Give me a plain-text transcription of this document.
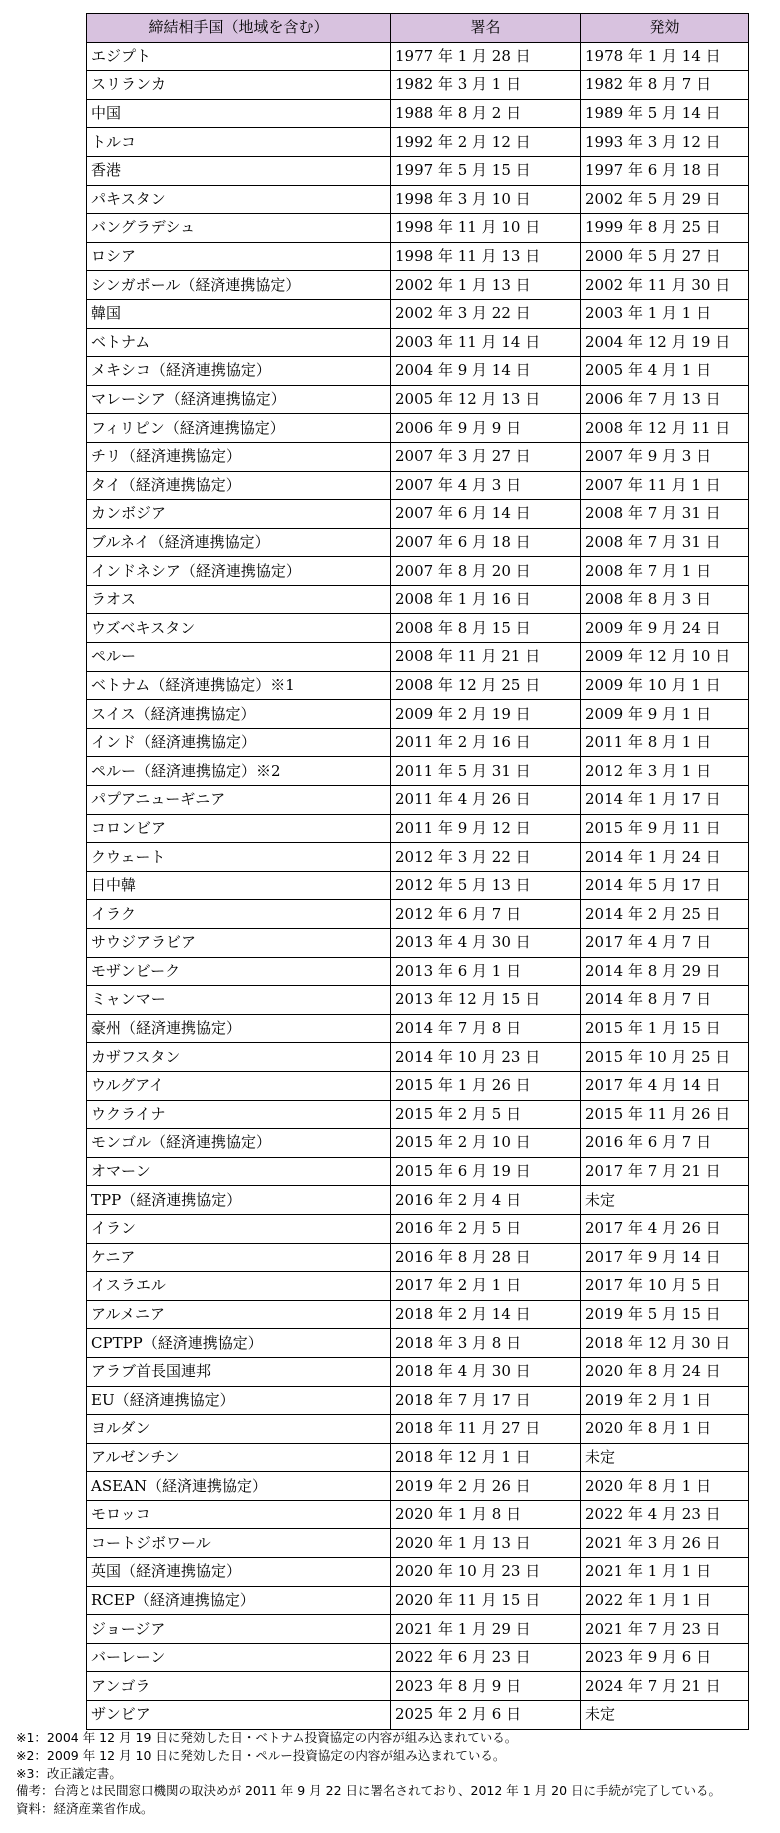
締結相手国（地域を含む）	署名	発効
エジプト	1977 年 1 月 28 日	1978 年 1 月 14 日
スリランカ	1982 年 3 月 1 日	1982 年 8 月 7 日
中国	1988 年 8 月 2 日	1989 年 5 月 14 日
トルコ	1992 年 2 月 12 日	1993 年 3 月 12 日
香港	1997 年 5 月 15 日	1997 年 6 月 18 日
パキスタン	1998 年 3 月 10 日	2002 年 5 月 29 日
バングラデシュ	1998 年 11 月 10 日	1999 年 8 月 25 日
ロシア	1998 年 11 月 13 日	2000 年 5 月 27 日
シンガポール（経済連携協定）	2002 年 1 月 13 日	2002 年 11 月 30 日
韓国	2002 年 3 月 22 日	2003 年 1 月 1 日
ベトナム	2003 年 11 月 14 日	2004 年 12 月 19 日
メキシコ（経済連携協定）	2004 年 9 月 14 日	2005 年 4 月 1 日
マレーシア（経済連携協定）	2005 年 12 月 13 日	2006 年 7 月 13 日
フィリピン（経済連携協定）	2006 年 9 月 9 日	2008 年 12 月 11 日
チリ（経済連携協定）	2007 年 3 月 27 日	2007 年 9 月 3 日
タイ（経済連携協定）	2007 年 4 月 3 日	2007 年 11 月 1 日
カンボジア	2007 年 6 月 14 日	2008 年 7 月 31 日
ブルネイ（経済連携協定）	2007 年 6 月 18 日	2008 年 7 月 31 日
インドネシア（経済連携協定）	2007 年 8 月 20 日	2008 年 7 月 1 日
ラオス	2008 年 1 月 16 日	2008 年 8 月 3 日
ウズベキスタン	2008 年 8 月 15 日	2009 年 9 月 24 日
ペルー	2008 年 11 月 21 日	2009 年 12 月 10 日
ベトナム（経済連携協定）※1	2008 年 12 月 25 日	2009 年 10 月 1 日
スイス（経済連携協定）	2009 年 2 月 19 日	2009 年 9 月 1 日
インド（経済連携協定）	2011 年 2 月 16 日	2011 年 8 月 1 日
ペルー（経済連携協定）※2	2011 年 5 月 31 日	2012 年 3 月 1 日
パプアニューギニア	2011 年 4 月 26 日	2014 年 1 月 17 日
コロンビア	2011 年 9 月 12 日	2015 年 9 月 11 日
クウェート	2012 年 3 月 22 日	2014 年 1 月 24 日
日中韓	2012 年 5 月 13 日	2014 年 5 月 17 日
イラク	2012 年 6 月 7 日	2014 年 2 月 25 日
サウジアラビア	2013 年 4 月 30 日	2017 年 4 月 7 日
モザンビーク	2013 年 6 月 1 日	2014 年 8 月 29 日
ミャンマー	2013 年 12 月 15 日	2014 年 8 月 7 日
豪州（経済連携協定）	2014 年 7 月 8 日	2015 年 1 月 15 日
カザフスタン	2014 年 10 月 23 日	2015 年 10 月 25 日
ウルグアイ	2015 年 1 月 26 日	2017 年 4 月 14 日
ウクライナ	2015 年 2 月 5 日	2015 年 11 月 26 日
モンゴル（経済連携協定）	2015 年 2 月 10 日	2016 年 6 月 7 日
オマーン	2015 年 6 月 19 日	2017 年 7 月 21 日
TPP（経済連携協定）	2016 年 2 月 4 日	未定
イラン	2016 年 2 月 5 日	2017 年 4 月 26 日
ケニア	2016 年 8 月 28 日	2017 年 9 月 14 日
イスラエル	2017 年 2 月 1 日	2017 年 10 月 5 日
アルメニア	2018 年 2 月 14 日	2019 年 5 月 15 日
CPTPP（経済連携協定）	2018 年 3 月 8 日	2018 年 12 月 30 日
アラブ首長国連邦	2018 年 4 月 30 日	2020 年 8 月 24 日
EU（経済連携協定）	2018 年 7 月 17 日	2019 年 2 月 1 日
ヨルダン	2018 年 11 月 27 日	2020 年 8 月 1 日
アルゼンチン	2018 年 12 月 1 日	未定
ASEAN（経済連携協定）	2019 年 2 月 26 日	2020 年 8 月 1 日
モロッコ	2020 年 1 月 8 日	2022 年 4 月 23 日
コートジボワール	2020 年 1 月 13 日	2021 年 3 月 26 日
英国（経済連携協定）	2020 年 10 月 23 日	2021 年 1 月 1 日
RCEP（経済連携協定）	2020 年 11 月 15 日	2022 年 1 月 1 日
ジョージア	2021 年 1 月 29 日	2021 年 7 月 23 日
バーレーン	2022 年 6 月 23 日	2023 年 9 月 6 日
アンゴラ	2023 年 8 月 9 日	2024 年 7 月 21 日
ザンビア	2025 年 2 月 6 日	未定
※1：2004 年 12 月 19 日に発効した日・ベトナム投資協定の内容が組み込まれている。
※2：2009 年 12 月 10 日に発効した日・ペルー投資協定の内容が組み込まれている。
※3：改正議定書。
備考：台湾とは民間窓口機関の取決めが 2011 年 9 月 22 日に署名されており、2012 年 1 月 20 日に手続が完了している。
資料：経済産業省作成。
